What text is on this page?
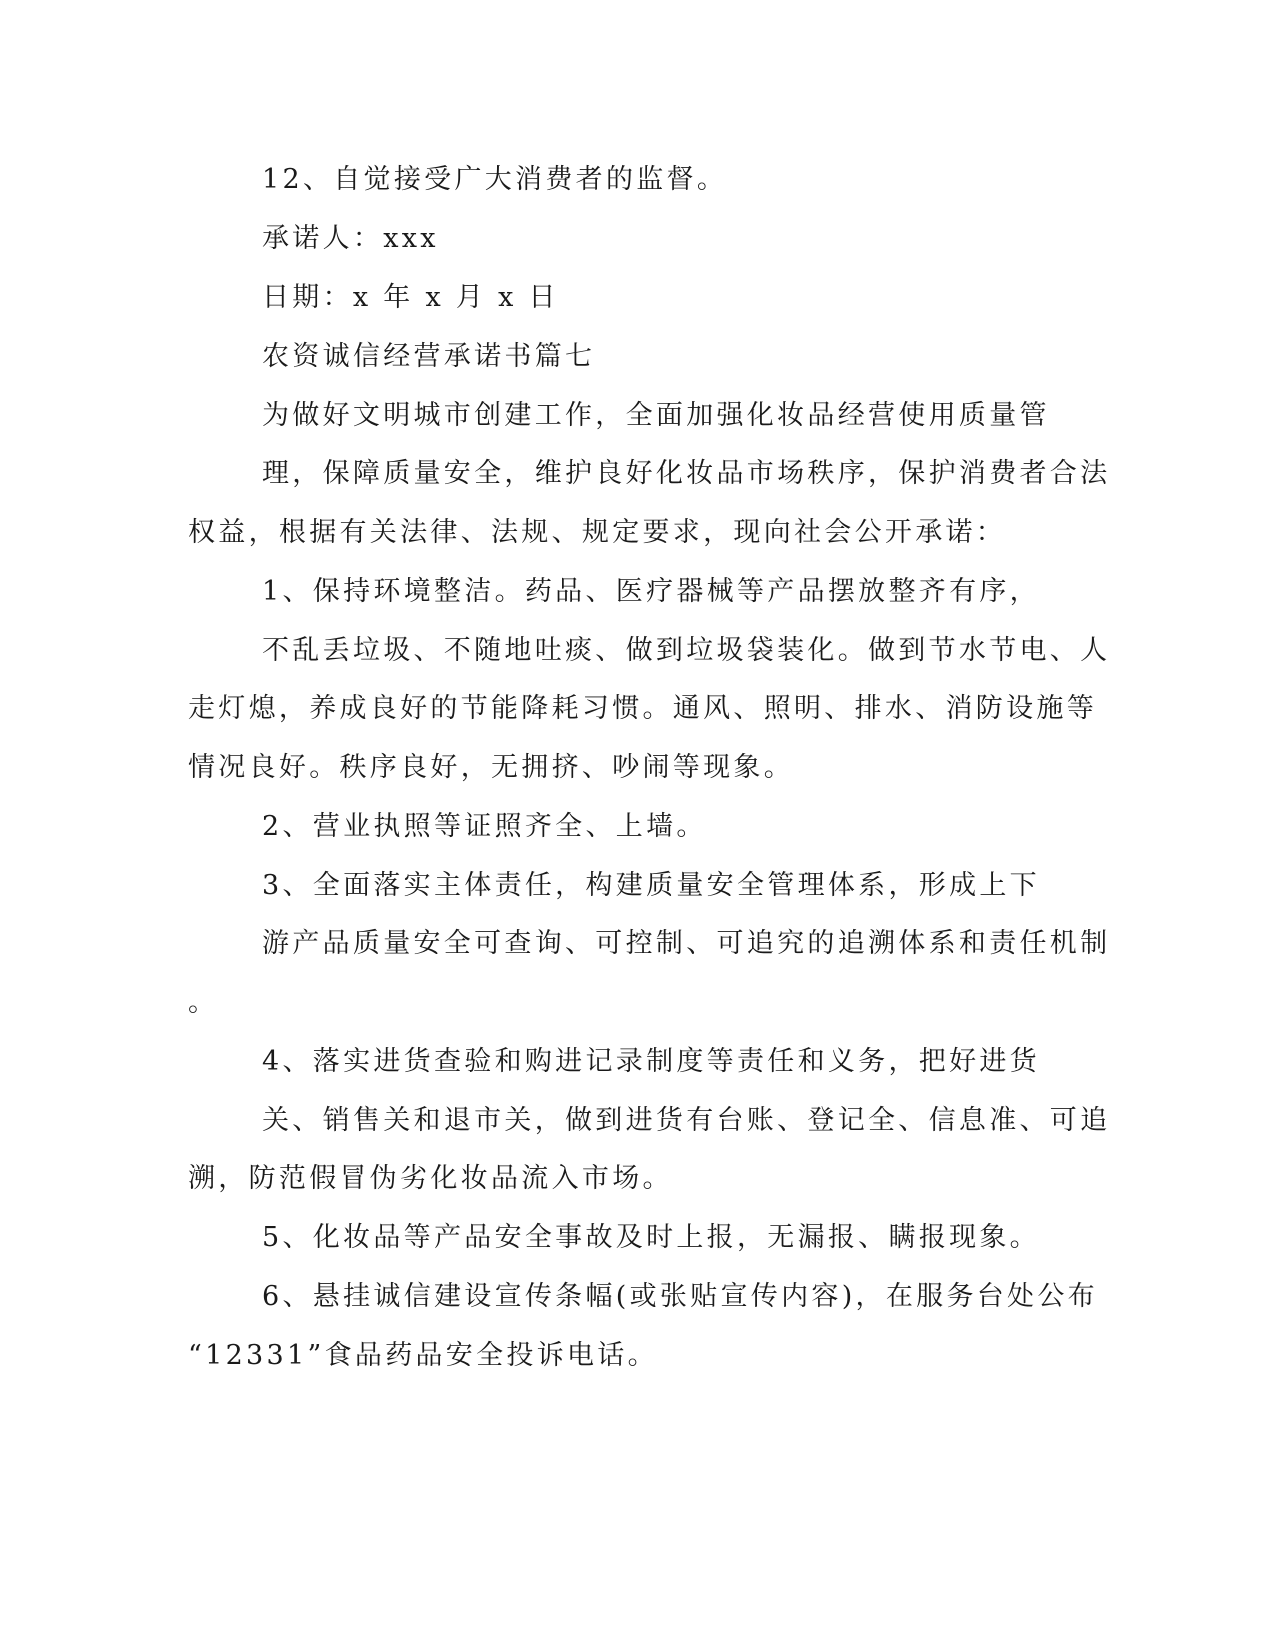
12、自觉接受广大消费者的监督。
承诺人：xxx
日期：x 年 x 月 x 日
农资诚信经营承诺书篇七
为做好文明城市创建工作，全面加强化妆品经营使用质量管
理，保障质量安全，维护良好化妆品市场秩序，保护消费者合法
权益，根据有关法律、法规、规定要求，现向社会公开承诺：
1、保持环境整洁。药品、医疗器械等产品摆放整齐有序，
不乱丢垃圾、不随地吐痰、做到垃圾袋装化。做到节水节电、人
走灯熄，养成良好的节能降耗习惯。通风、照明、排水、消防设施等
情况良好。秩序良好，无拥挤、吵闹等现象。
2、营业执照等证照齐全、上墙。
3、全面落实主体责任，构建质量安全管理体系，形成上下
游产品质量安全可查询、可控制、可追究的追溯体系和责任机制
。
4、落实进货查验和购进记录制度等责任和义务，把好进货
关、销售关和退市关，做到进货有台账、登记全、信息准、可追
溯，防范假冒伪劣化妆品流入市场。
5、化妆品等产品安全事故及时上报，无漏报、瞒报现象。
6、悬挂诚信建设宣传条幅(或张贴宣传内容)，在服务台处公布
“12331”食品药品安全投诉电话。
